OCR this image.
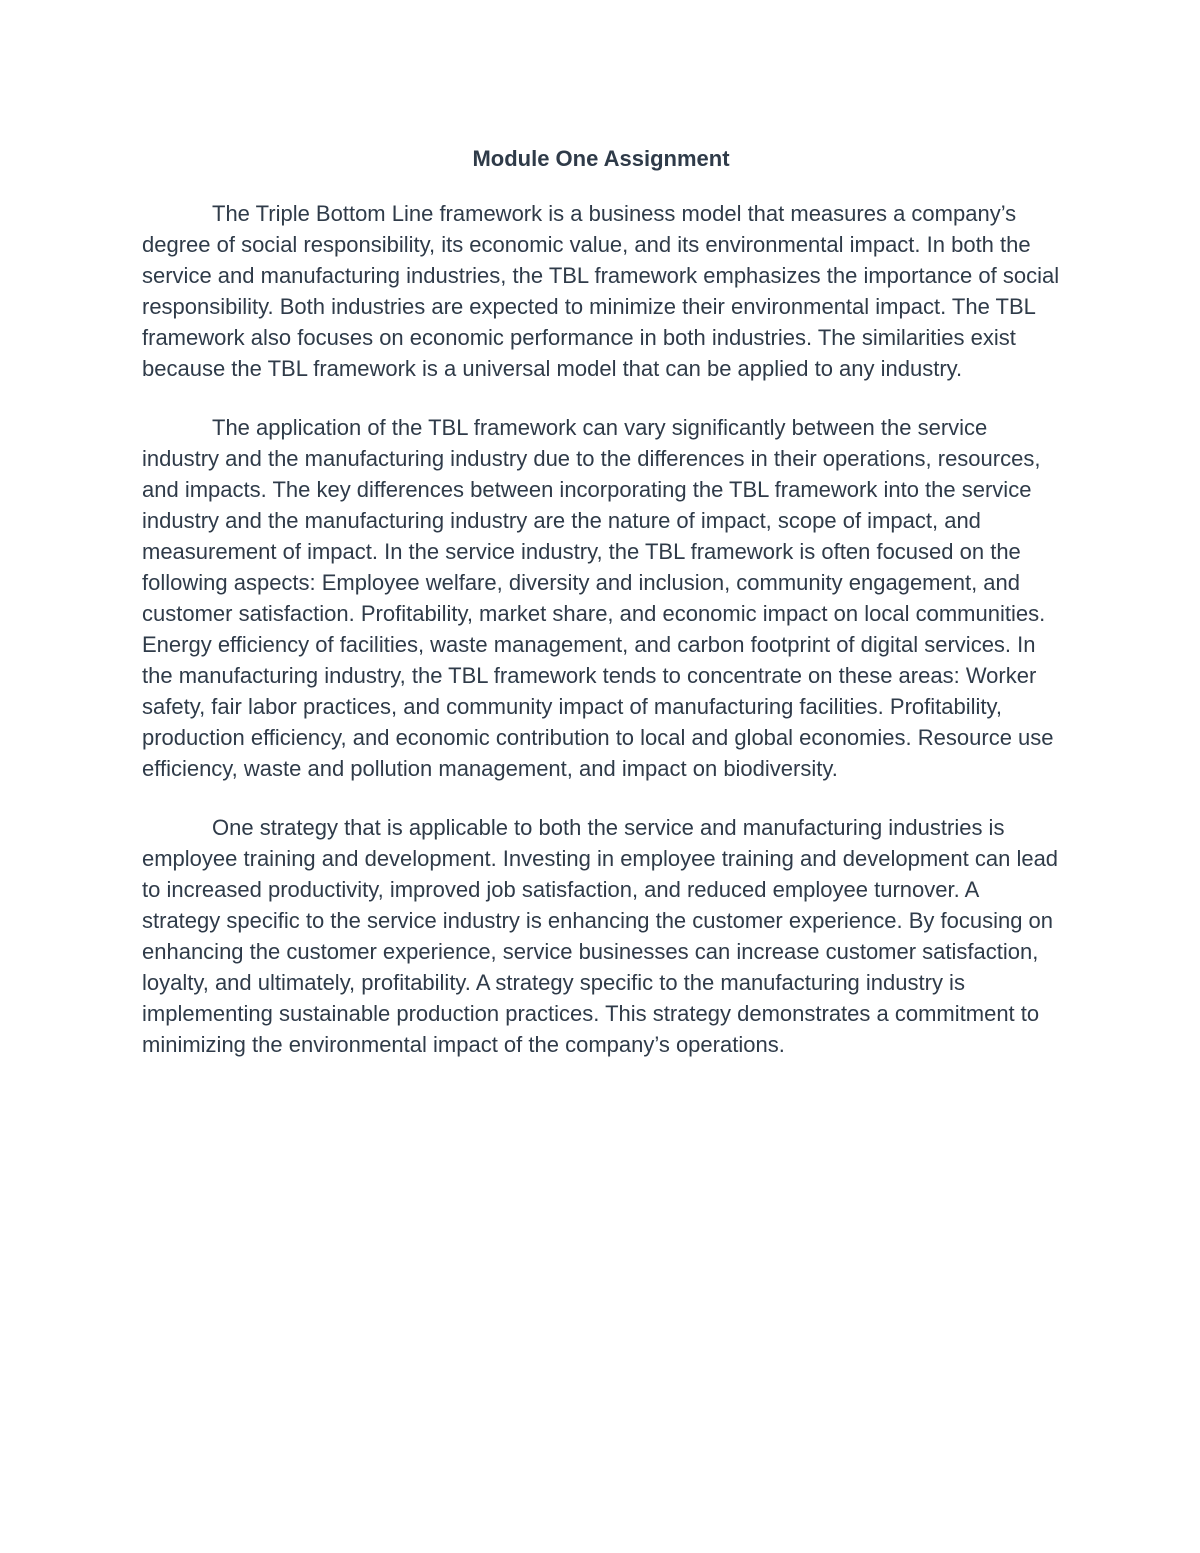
Module One Assignment

The Triple Bottom Line framework is a business model that measures a company’s degree of social responsibility, its economic value, and its environmental impact. In both the service and manufacturing industries, the TBL framework emphasizes the importance of social responsibility. Both industries are expected to minimize their environmental impact. The TBL framework also focuses on economic performance in both industries. The similarities exist because the TBL framework is a universal model that can be applied to any industry.

The application of the TBL framework can vary significantly between the service industry and the manufacturing industry due to the differences in their operations, resources, and impacts. The key differences between incorporating the TBL framework into the service industry and the manufacturing industry are the nature of impact, scope of impact, and measurement of impact. In the service industry, the TBL framework is often focused on the following aspects: Employee welfare, diversity and inclusion, community engagement, and customer satisfaction. Profitability, market share, and economic impact on local communities. Energy efficiency of facilities, waste management, and carbon footprint of digital services. In the manufacturing industry, the TBL framework tends to concentrate on these areas: Worker safety, fair labor practices, and community impact of manufacturing facilities. Profitability, production efficiency, and economic contribution to local and global economies. Resource use efficiency, waste and pollution management, and impact on biodiversity.

One strategy that is applicable to both the service and manufacturing industries is employee training and development. Investing in employee training and development can lead to increased productivity, improved job satisfaction, and reduced employee turnover. A strategy specific to the service industry is enhancing the customer experience. By focusing on enhancing the customer experience, service businesses can increase customer satisfaction, loyalty, and ultimately, profitability. A strategy specific to the manufacturing industry is implementing sustainable production practices. This strategy demonstrates a commitment to minimizing the environmental impact of the company’s operations.
